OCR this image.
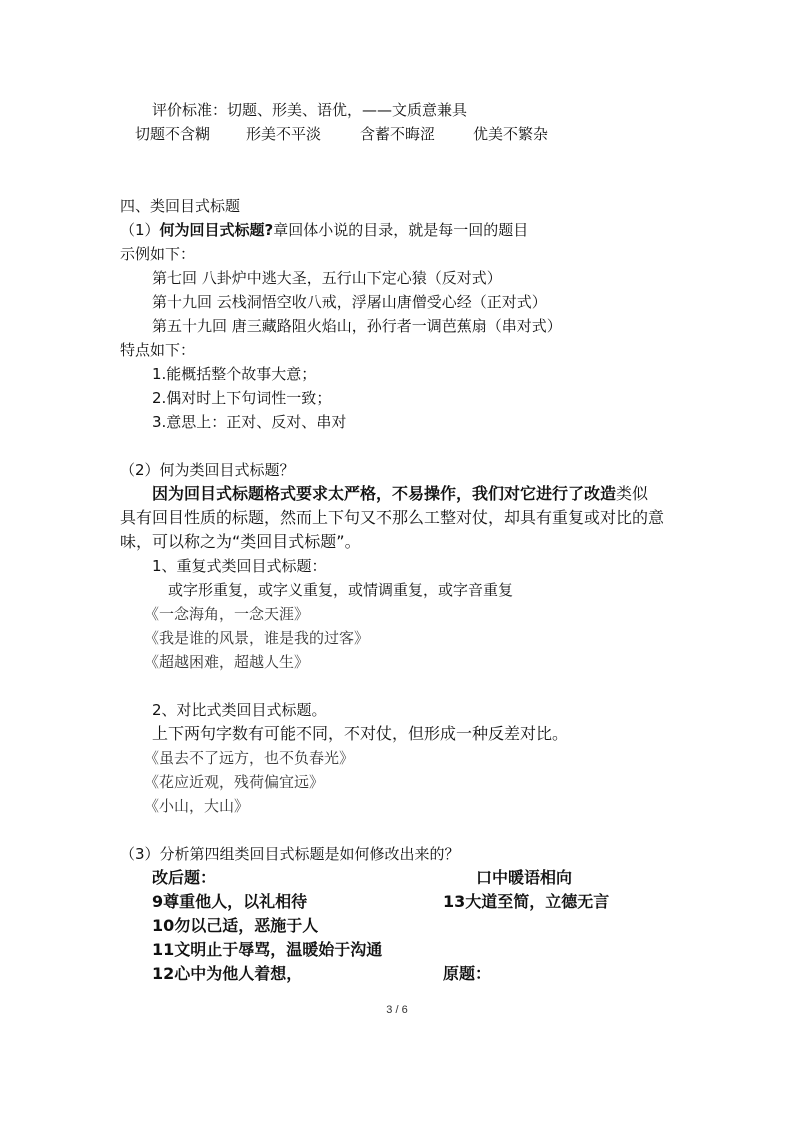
评价标准：切题、形美、语优，——文质意兼具
切题不含糊 形美不平淡	含蓄不晦涩	优美不繁杂
四、类回目式标题
（1）何为回目式标题?章回体小说的目录，就是每一回的题目
示例如下：
第七回 八卦炉中逃大圣，五行山下定心猿（反对式）
第十九回 云栈洞悟空收八戒，浮屠山唐僧受心经（正对式）
第五十九回 唐三藏路阻火焰山，孙行者一调芭蕉扇（串对式）
特点如下：
1.能概括整个故事大意；
2.偶对时上下句词性一致；
3.意思上：正对、反对、串对
（2）何为类回目式标题？
因为回目式标题格式要求太严格，不易操作，我们对它进行了改造类似
具有回目性质的标题，然而上下句又不那么工整对仗，却具有重复或对比的意
味，可以称之为“类回目式标题”。
1、重复式类回目式标题：
或字形重复，或字义重复，或情调重复，或字音重复
《一念海角，一念天涯》
《我是谁的风景，谁是我的过客》
《超越困难，超越人生》
2、对比式类回目式标题。
上下两句字数有可能不同，不对仗，但形成一种反差对比。
《虽去不了远方，也不负春光》
《花应近观，残荷偏宜远》
《小山，大山》
（3）分析第四组类回目式标题是如何修改出来的？
改后题：	口中暖语相向
9尊重他人，以礼相待	13大道至简，立德无言
10勿以己适，恶施于人
11文明止于辱骂，温暖始于沟通
12心中为他人着想，	原题：
3 / 6
